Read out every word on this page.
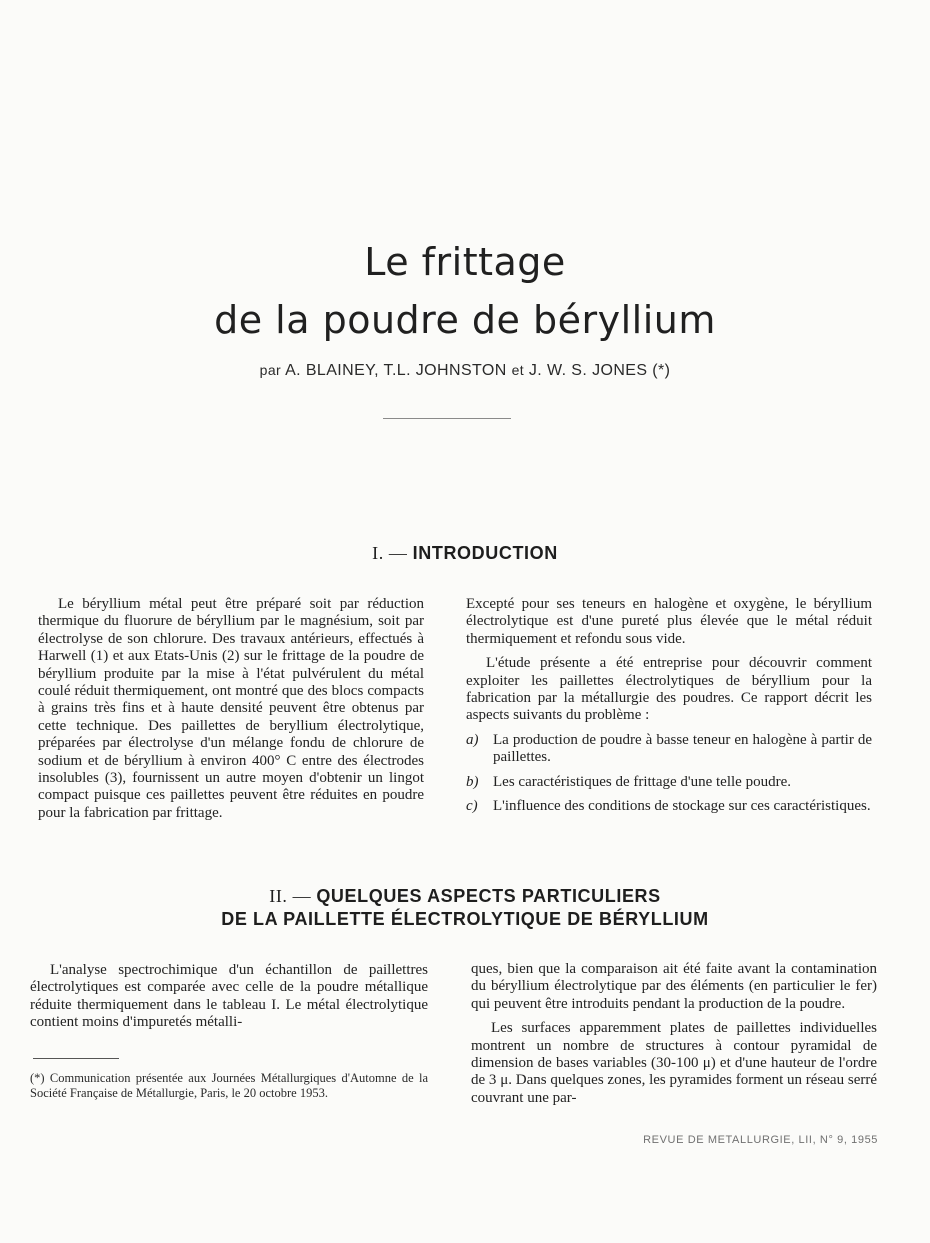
Le frittage
de la poudre de béryllium
par A. BLAINEY, T.L. JOHNSTON et J. W. S. JONES (*)
I. — INTRODUCTION

Le béryllium métal peut être préparé soit par réduction thermique du fluorure de béryllium par le magnésium, soit par électrolyse de son chlorure. Des travaux antérieurs, effectués à Harwell (1) et aux Etats-Unis (2) sur le frittage de la poudre de béryllium produite par la mise à l'état pulvérulent du métal coulé réduit thermiquement, ont montré que des blocs compacts à grains très fins et à haute densité peuvent être obtenus par cette technique. Des paillettes de beryllium électrolytique, préparées par électrolyse d'un mélange fondu de chlorure de sodium et de béryllium à environ 400° C entre des électrodes insolubles (3), fournissent un autre moyen d'obtenir un lingot compact puisque ces paillettes peuvent être réduites en poudre pour la fabrication par frittage.

Excepté pour ses teneurs en halogène et oxygène, le béryllium électrolytique est d'une pureté plus élevée que le métal réduit thermiquement et refondu sous vide.

L'étude présente a été entreprise pour découvrir comment exploiter les paillettes électrolytiques de béryllium pour la fabrication par la métallurgie des poudres. Ce rapport décrit les aspects suivants du problème :

a) La production de poudre à basse teneur en halogène à partir de paillettes.
b) Les caractéristiques de frittage d'une telle poudre.
c)	L'influence des conditions de stockage sur ces caractéristiques.
II. — QUELQUES ASPECTS PARTICULIERS
DE LA PAILLETTE ÉLECTROLYTIQUE DE BÉRYLLIUM

L'analyse spectrochimique d'un échantillon de paillettres électrolytiques est comparée avec celle de la poudre métallique réduite thermiquement dans le tableau I. Le métal électrolytique contient moins d'impuretés métalli-

ques, bien que la comparaison ait été faite avant la contamination du béryllium électrolytique par des éléments (en particulier le fer) qui peuvent être introduits pendant la production de la poudre.

Les surfaces apparemment plates de paillettes individuelles montrent un nombre de structures à contour pyramidal de dimension de bases variables (30-100 μ) et d'une hauteur de l'ordre de 3 μ. Dans quelques zones, les pyramides forment un réseau serré couvrant une par-

(*) Communication présentée aux Journées Métallurgiques d'Automne de la Société Française de Métallurgie, Paris, le 20 octobre 1953.

REVUE DE METALLURGIE, LII, N° 9, 1955
